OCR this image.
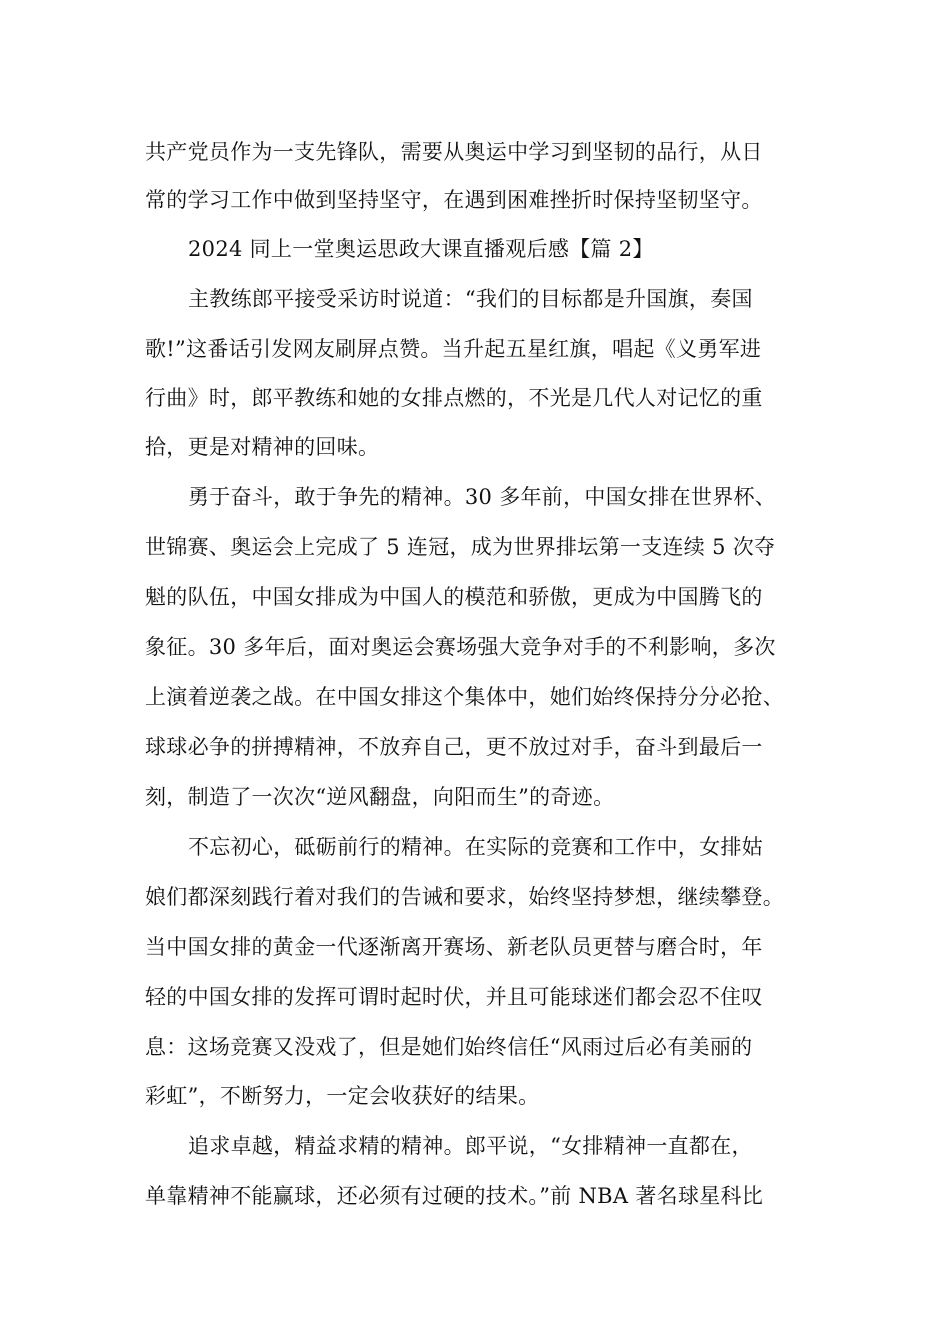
共产党员作为一支先锋队，需要从奥运中学习到坚韧的品行，从日
常的学习工作中做到坚持坚守，在遇到困难挫折时保持坚韧坚守。
2024 同上一堂奥运思政大课直播观后感【篇 2】
主教练郎平接受采访时说道：“我们的目标都是升国旗，奏国
歌!”这番话引发网友刷屏点赞。当升起五星红旗，唱起《义勇军进
行曲》时，郎平教练和她的女排点燃的，不光是几代人对记忆的重
拾，更是对精神的回味。
勇于奋斗，敢于争先的精神。30 多年前，中国女排在世界杯、
世锦赛、奥运会上完成了 5 连冠，成为世界排坛第一支连续 5 次夺
魁的队伍，中国女排成为中国人的模范和骄傲，更成为中国腾飞的
象征。30 多年后，面对奥运会赛场强大竞争对手的不利影响，多次
上演着逆袭之战。在中国女排这个集体中，她们始终保持分分必抢、
球球必争的拼搏精神，不放弃自己，更不放过对手，奋斗到最后一
刻，制造了一次次“逆风翻盘，向阳而生”的奇迹。
不忘初心，砥砺前行的精神。在实际的竞赛和工作中，女排姑
娘们都深刻践行着对我们的告诫和要求，始终坚持梦想，继续攀登。
当中国女排的黄金一代逐渐离开赛场、新老队员更替与磨合时，年
轻的中国女排的发挥可谓时起时伏，并且可能球迷们都会忍不住叹
息：这场竞赛又没戏了，但是她们始终信任“风雨过后必有美丽的
彩虹”，不断努力，一定会收获好的结果。
追求卓越，精益求精的精神。郎平说，“女排精神一直都在，
单靠精神不能赢球，还必须有过硬的技术。”前 NBA 著名球星科比
